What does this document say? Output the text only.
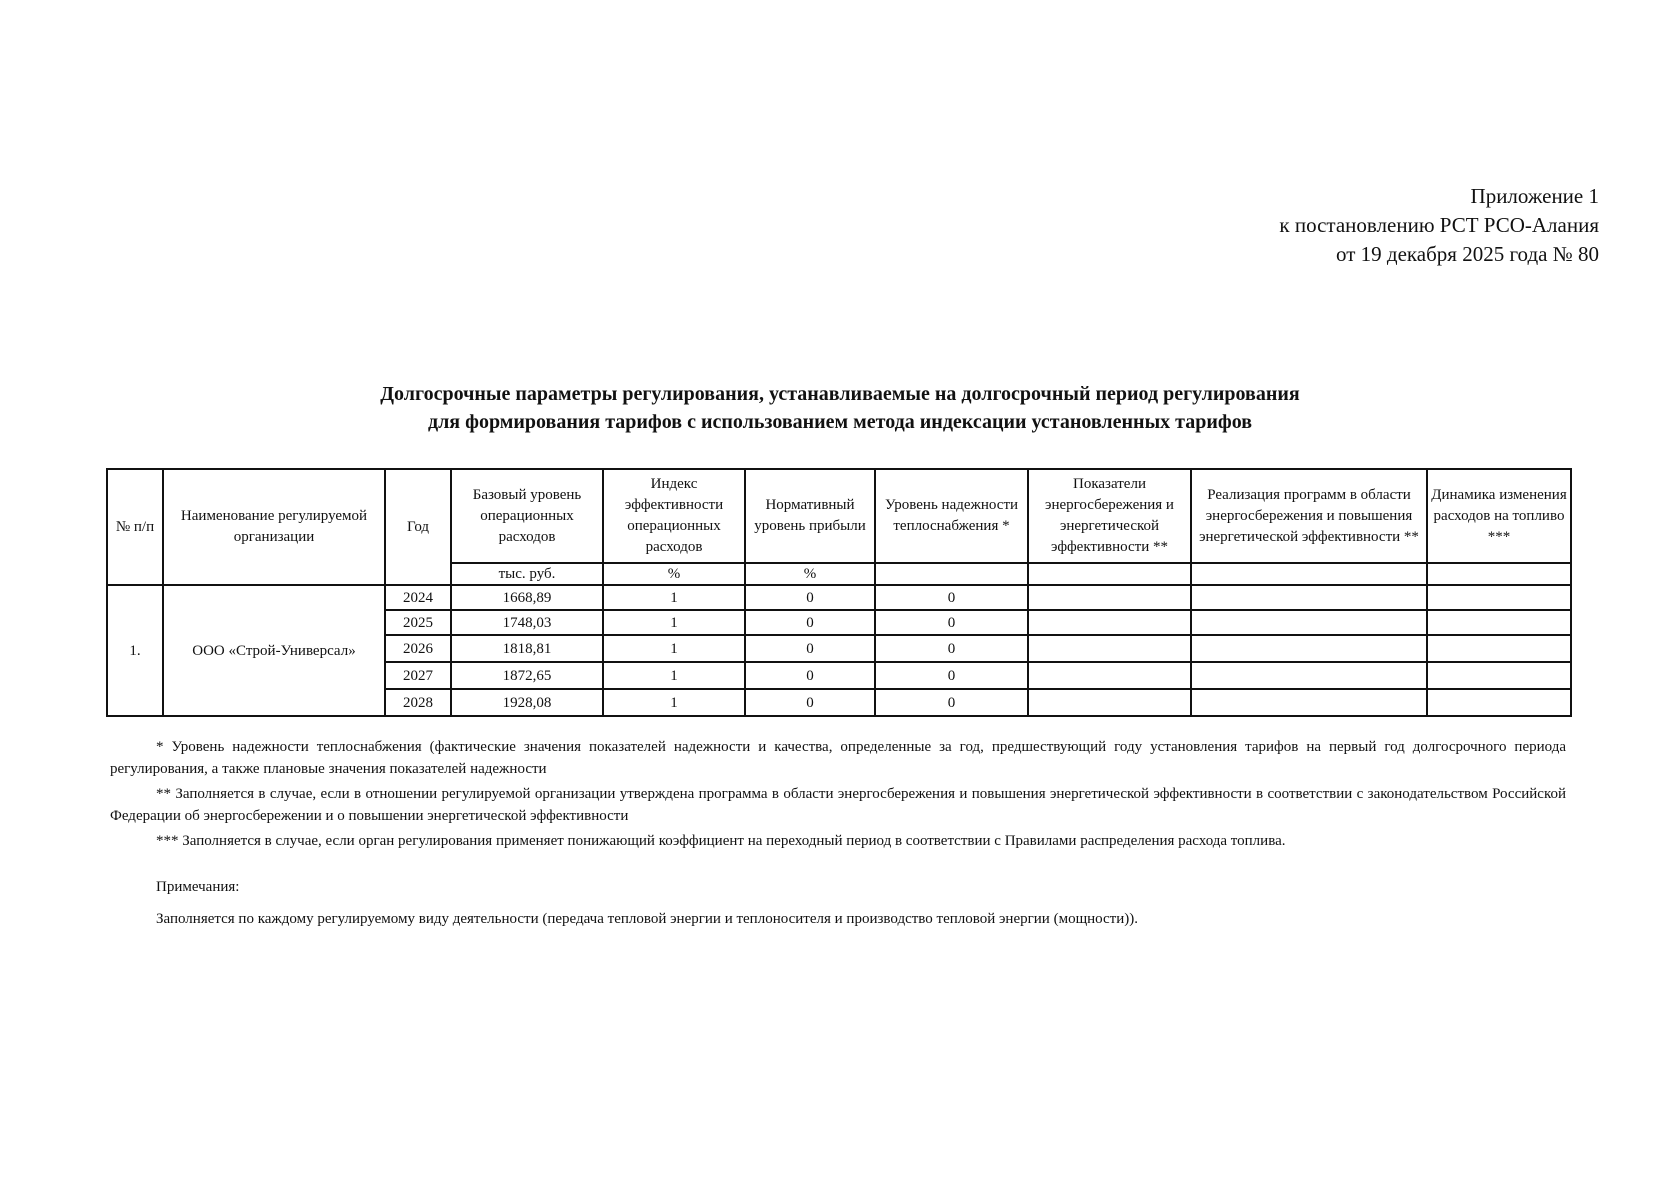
Приложение 1
к постановлению РСТ РСО-Алания
от 19 декабря 2025 года № 80
Долгосрочные параметры регулирования, устанавливаемые на долгосрочный период регулирования
для формирования тарифов с использованием метода индексации установленных тарифов
№ п/п	Наименование регулируемой организации	Год	Базовый уровень операционных расходов	Индекс эффективности операционных расходов	Нормативный уровень прибыли	Уровень надежности теплоснабжения *	Показатели энергосбережения и энергетической эффективности **	Реализация программ в области энергосбережения и повышения энергетической эффективности **	Динамика изменения расходов на топливо ***
			тыс. руб.	%	%				
1.	ООО «Строй-Универсал»	2024	1668,89	1	0	0			
		2025	1748,03	1	0	0			
		2026	1818,81	1	0	0			
		2027	1872,65	1	0	0			
		2028	1928,08	1	0	0			

* Уровень надежности теплоснабжения (фактические значения показателей надежности и качества, определенные за год, предшествующий году установления тарифов на первый год долгосрочного периода регулирования, а также плановые значения показателей надежности

** Заполняется в случае, если в отношении регулируемой организации утверждена программа в области энергосбережения и повышения энергетической эффективности в соответствии с законодательством Российской Федерации об энергосбережении и о повышении энергетической эффективности

*** Заполняется в случае, если орган регулирования применяет понижающий коэффициент на переходный период в соответствии с Правилами распределения расхода топлива.

Примечания:
Заполняется по каждому регулируемому виду деятельности (передача тепловой энергии и теплоносителя и производство тепловой энергии (мощности)).
